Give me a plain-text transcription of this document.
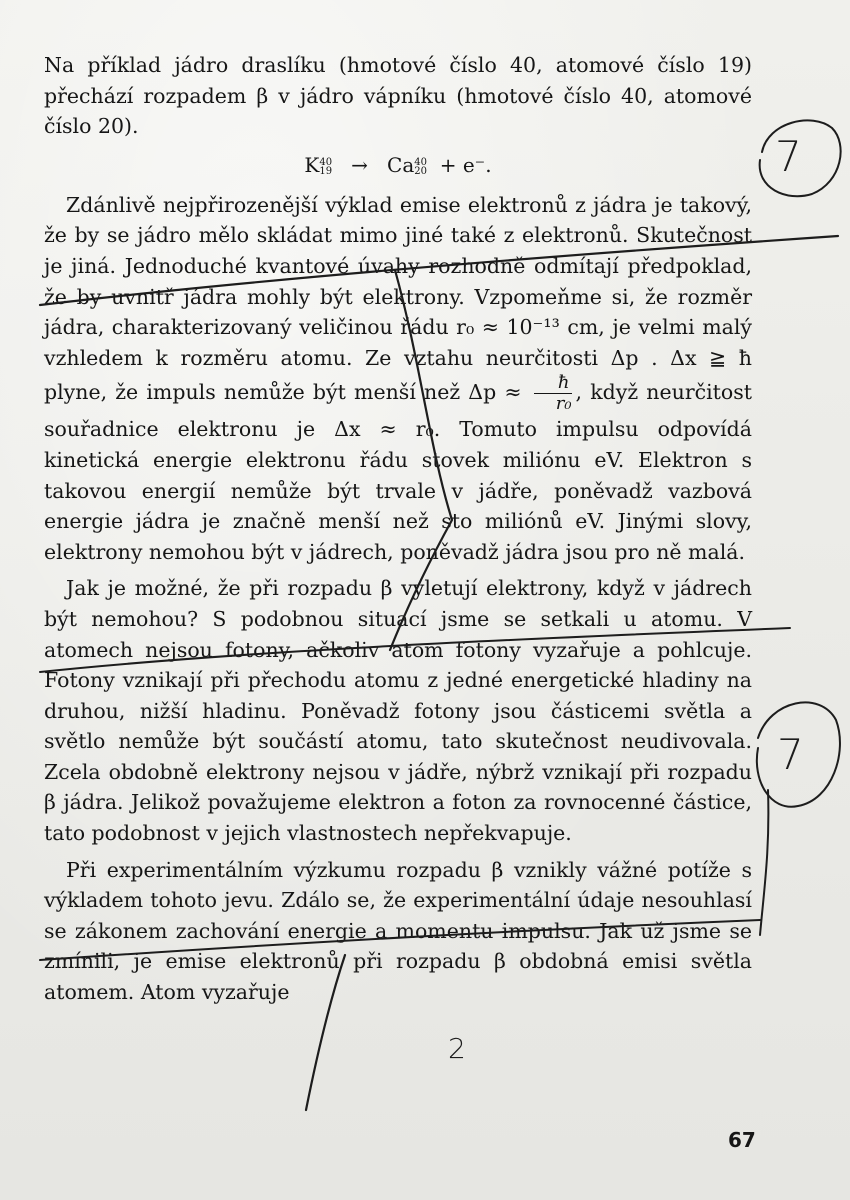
Na příklad jádro draslíku (hmotové číslo 40, atomové číslo 19) přechází rozpadem β v jádro vápníku (hmotové číslo 40, atomové číslo 20).

K $^{40 19}$ → Ca $^{40 20}$ + e⁻.

Zdánlivě nejpřirozenější výklad emise elektronů z jádra je takový, že by se jádro mělo skládat mimo jiné také z elektronů. Skutečnost je jiná. Jednoduché kvantové úvahy rozhodně odmítají předpoklad, že by uvnitř jádra mohly být elektrony. Vzpomeňme si, že rozměr jádra, charakterizovaný veličinou řádu r₀ ≈ 10⁻¹³ cm, je velmi malý vzhledem k rozměru atomu. Ze vztahu neurčitosti Δp . Δx ≧ ħ plyne, že impuls nemůže být menší než $\Delta p \approx \frac{ħ}{\text{r₀}}$ , když neurčitost souřadnice elektronu je Δx ≈ r₀. Tomuto impulsu odpovídá kinetická energie elektronu řádu stovek miliónu eV. Elektron s takovou energií nemůže být trvale v jádře, poněvadž vazbová energie jádra je značně menší než sto miliónů eV. Jinými slovy, elektrony nemohou být v jádrech, poněvadž jádra jsou pro ně malá.

Jak je možné, že při rozpadu β vyletují elektrony, když v jádrech být nemohou? S podobnou situací jsme se setkali u atomu. V atomech nejsou fotony, ačkoliv atom fotony vyzařuje a pohlcuje. Fotony vznikají při přechodu atomu z jedné energetické hladiny na druhou, nižší hladinu. Poněvadž fotony jsou částicemi světla a světlo nemůže být součástí atomu, tato skutečnost neudivovala. Zcela obdobně elektrony nejsou v jádře, nýbrž vznikají při rozpadu β jádra. Jelikož považujeme elektron a foton za rovnocenné částice, tato podobnost v jejich vlastnostech nepřekvapuje.

Při experimentálním výzkumu rozpadu β vznikly vážné potíže s výkladem tohoto jevu. Zdálo se, že experimentální údaje nesouhlasí se zákonem zachování energie a momentu impulsu. Jak už jsme se zmínili, je emise elektronů při rozpadu β obdobná emisi světla atomem. Atom vyzařuje

67
7
7
2
